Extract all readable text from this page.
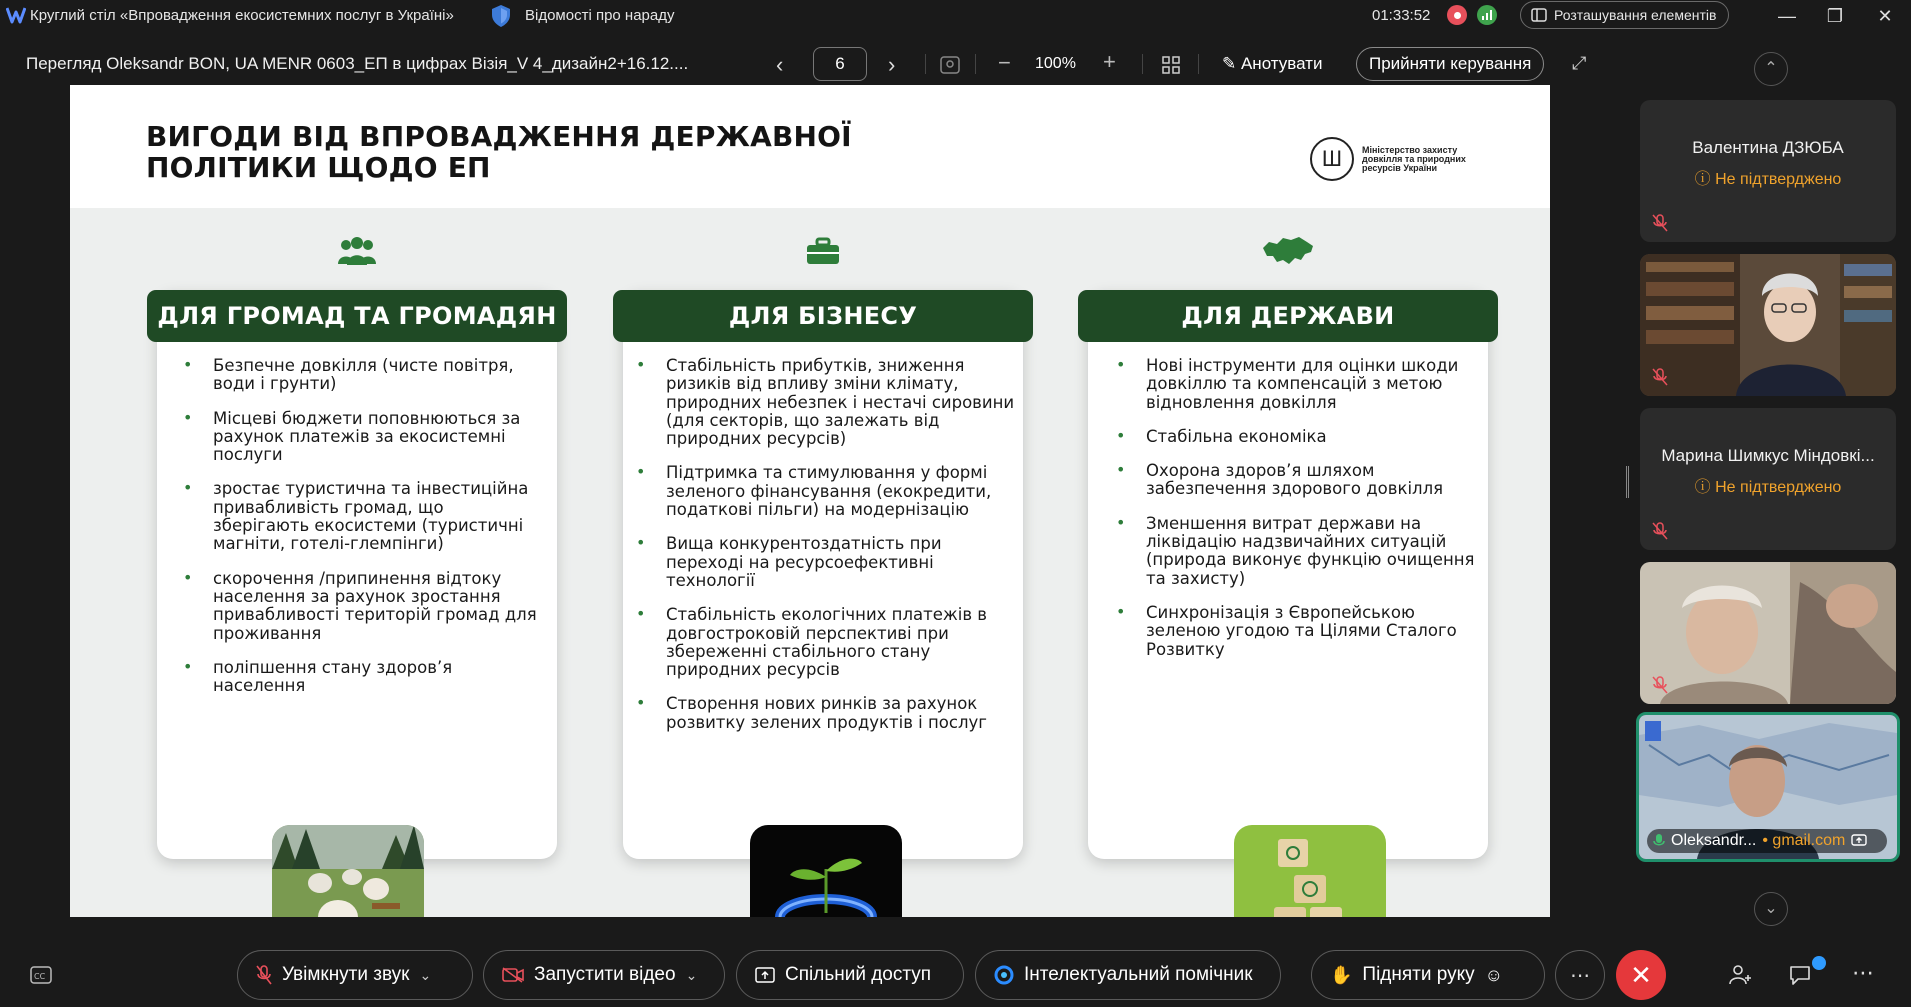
Круглий стіл «Впровадження екосистемних послуг в Україні»	Відомості про нараду	01:33:52	Розташування елементів	—	❐	✕
Перегляд Oleksandr BON, UA MENR 0603_ЕП в цифрах Візія_V 4_дизайн2+16.12....	‹	6	›	− 100% +	✎ Анотувати	Прийняти керування	⤢
ВИГОДИ ВІД ВПРОВАДЖЕННЯ ДЕРЖАВНОЇ
ПОЛІТИКИ ЩОДО ЕП	Ш	Міністерство захисту довкілля та природних ресурсів України
ДЛЯ ГРОМАД ТА ГРОМАДЯН
• Безпечне довкілля (чисте повітря, води і грунти)
• Місцеві бюджети поповнюються за рахунок платежів за екосистемні послуги
• зростає туристична та інвестиційна привабливість громад, що зберігають екосистеми (туристичні магніти, готелі-глемпінги)
• скорочення /припинення відтоку населення за рахунок зростання привабливості територій громад для проживання
• поліпшення стану здоров’я населення
ДЛЯ БІЗНЕСУ
• Стабільність прибутків, зниження ризиків від впливу зміни клімату, природних небезпек і нестачі сировини (для секторів, що залежать від природних ресурсів)
• Підтримка та стимулювання у формі зеленого фінансування (екокредити, податкові пільги) на модернізацію
• Вища конкурентоздатність при переході на ресурсоефективні технології
• Стабільність екологічних платежів в довгостроковій перспективі при збереженні стабільного стану природних ресурсів
• Створення нових ринків за рахунок розвитку зелених продуктів і послуг
ДЛЯ ДЕРЖАВИ
• Нові інструменти для оцінки шкоди довкіллю та компенсацій з метою відновлення довкілля
• Стабільна економіка
• Охорона здоров’я шляхом забезпечення здорового довкілля
• Зменшення витрат держави на ліквідацію надзвичайних ситуацій (природа виконує функцію очищення та захисту)
• Синхронізація з Європейською зеленою угодою та Цілями Сталого Розвитку
⌃
Валентина ДЗЮБА
ⓘ Не підтверджено
Марина Шимкус Міндовкі...
ⓘ Не підтверджено
Oleksandr... • gmail.com
⌄
CC	Увімкнути звук ⌄	Запустити відео ⌄	Спільний доступ	Інтелектуальний помічник	✋ Підняти руку ☺	⋯	✕	⋯
